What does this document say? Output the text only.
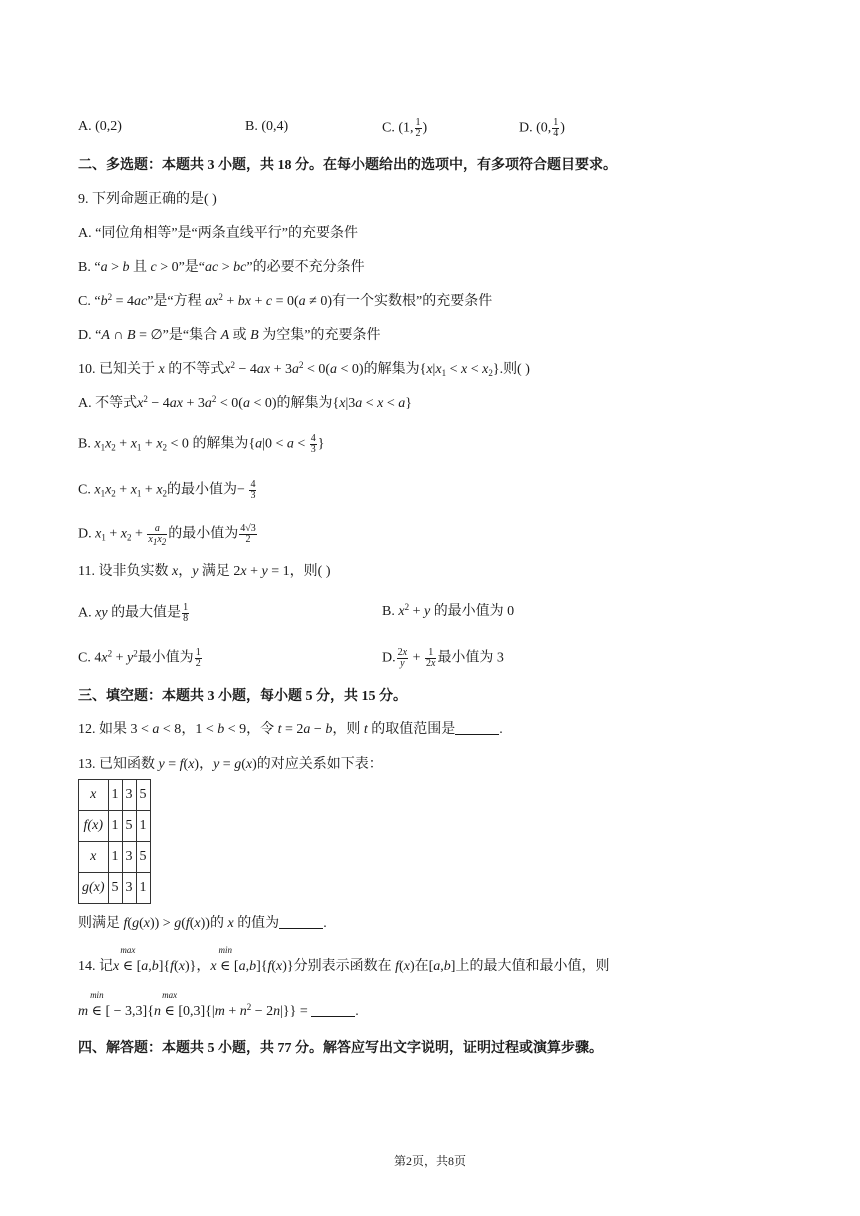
A. (0,2)	B. (0,4)	C. (1, $\frac{1}{2}$ )	D. (0, $\frac{1}{4}$ )
二、多选题：本题共 3 小题，共 18 分。在每小题给出的选项中，有多项符合题目要求。
9. 下列命题正确的是( )
A. “同位角相等”是“两条直线平行”的充要条件
B. “a > b 且 c > 0”是“ac > bc”的必要不充分条件
C. “$b^2 = 4ac$”是“方程 $ax^2$ + bx + c = 0(a ≠ 0)有一个实数根”的充要条件
D. “A ∩ B = ∅”是“集合 A 或 B 为空集”的充要条件
10. 已知关于 x 的不等式$x^2 - 4ax + 3a^2 < 0(a < 0)$的解集为$\{x|x_1 < x < x_2\}$.则( )
A. 不等式$x^2 - 4ax + 3a^2 < 0(a < 0)$的解集为{x|3a < x < a}
B. $x_1x_2 + x_1 + x_2 < 0$ 的解集为{$a|0 < a < \frac{4}{3}$ }
C. $x_1x_2 + x_1 + x_2$的最小值为− $\frac{4}{3}$
D. $x_1 + x_2 + \frac{a}{x_1x_2}$ 的最小值为 $\frac{4√3}{2}$
11. 设非负实数 x，y 满足 2x + y = 1，则( )
A. xy 的最大值是 $\frac{1}{8}$	B. $x^2 + y$ 的最小值为 0
C. $4x^2 + y^2$最小值为 $\frac{1}{2}$	D. $\frac{2x}{y} + \frac{1}{2x}$ 最小值为 3
三、填空题：本题共 3 小题，每小题 5 分，共 15 分。
12. 如果 3 < a < 8，1 < b < 9，令 t = 2a − b，则 t 的取值范围是	.
13. 已知函数 y = f(x)，y = g(x)的对应关系如下表：
x	1	3	5
f(x)	1	5	1
x	1	3	5
g(x)	5	3	1
则满足 f(g(x)) > g(f(x))的 x 的值为	.
14. 记x ∈
max
[a,b]{f(x)}，x ∈
min
[a,b]{f(x)}分别表示函数在 f(x)在[a,b]上的最大值和最小值，则
m ∈
min
[ − 3,3]{n ∈
max
$[0,3]\{|m + n^2 - 2n|\}$} =	.
四、解答题：本题共 5 小题，共 77 分。解答应写出文字说明，证明过程或演算步骤。
第2页，共8页
